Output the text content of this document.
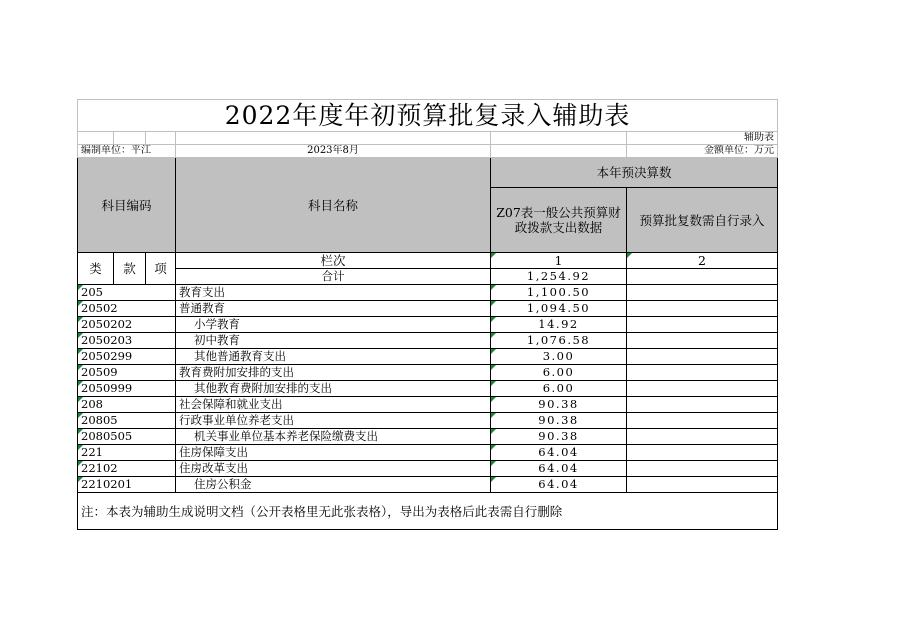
2022年度年初预算批复录入辅助表					
					辅助表
编制单位：平江			2023年8月		金额单位：万元
科目编码			科目名称	本年预决算数	
				Z07表一般公共预算财政拨款支出数据	预算批复数需自行录入
类	款	项	栏次	1	2
			合计	1,254.92	
205			教育支出	1,100.50	
20502			普通教育	1,094.50	
2050202			小学教育	14.92	
2050203			初中教育	1,076.58	
2050299			其他普通教育支出	3.00	
20509			教育费附加安排的支出	6.00	
2050999			其他教育费附加安排的支出	6.00	
208			社会保障和就业支出	90.38	
20805			行政事业单位养老支出	90.38	
2080505			机关事业单位基本养老保险缴费支出	90.38	
221			住房保障支出	64.04	
22102			住房改革支出	64.04	
2210201			住房公积金	64.04	
注：本表为辅助生成说明文档（公开表格里无此张表格），导出为表格后此表需自行删除					
